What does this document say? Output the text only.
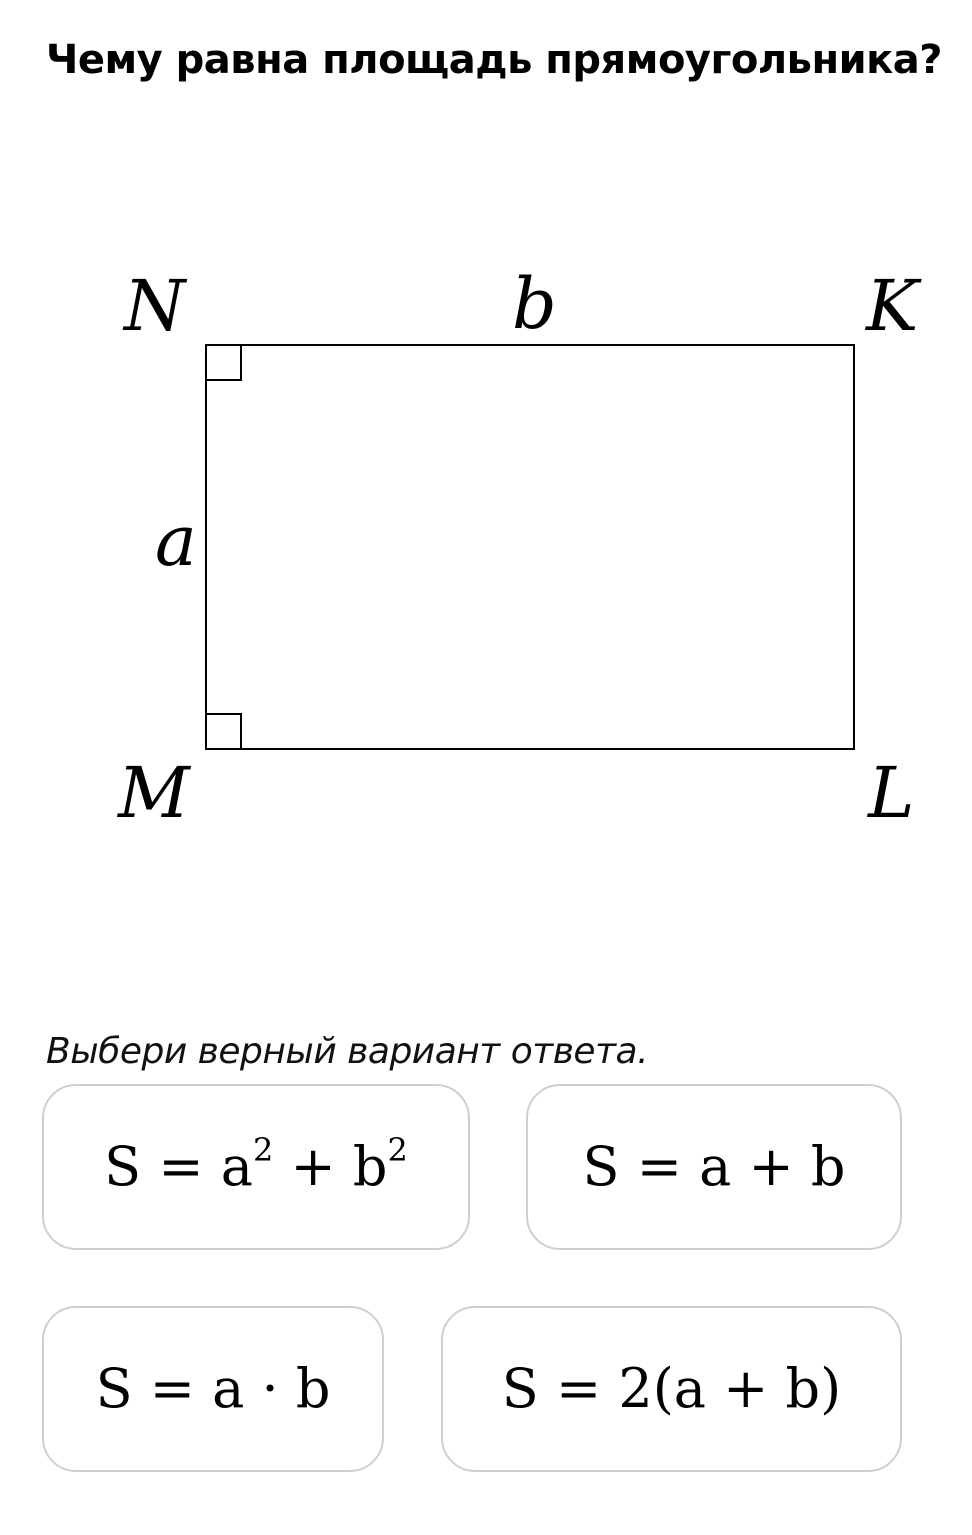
Чему равна площадь прямоугольника?
N	K
M	L
b
a

Выбери верный вариант ответа.

$S = a^2 + b^2$	S = a + b
S = a · b	S = 2(a + b)
